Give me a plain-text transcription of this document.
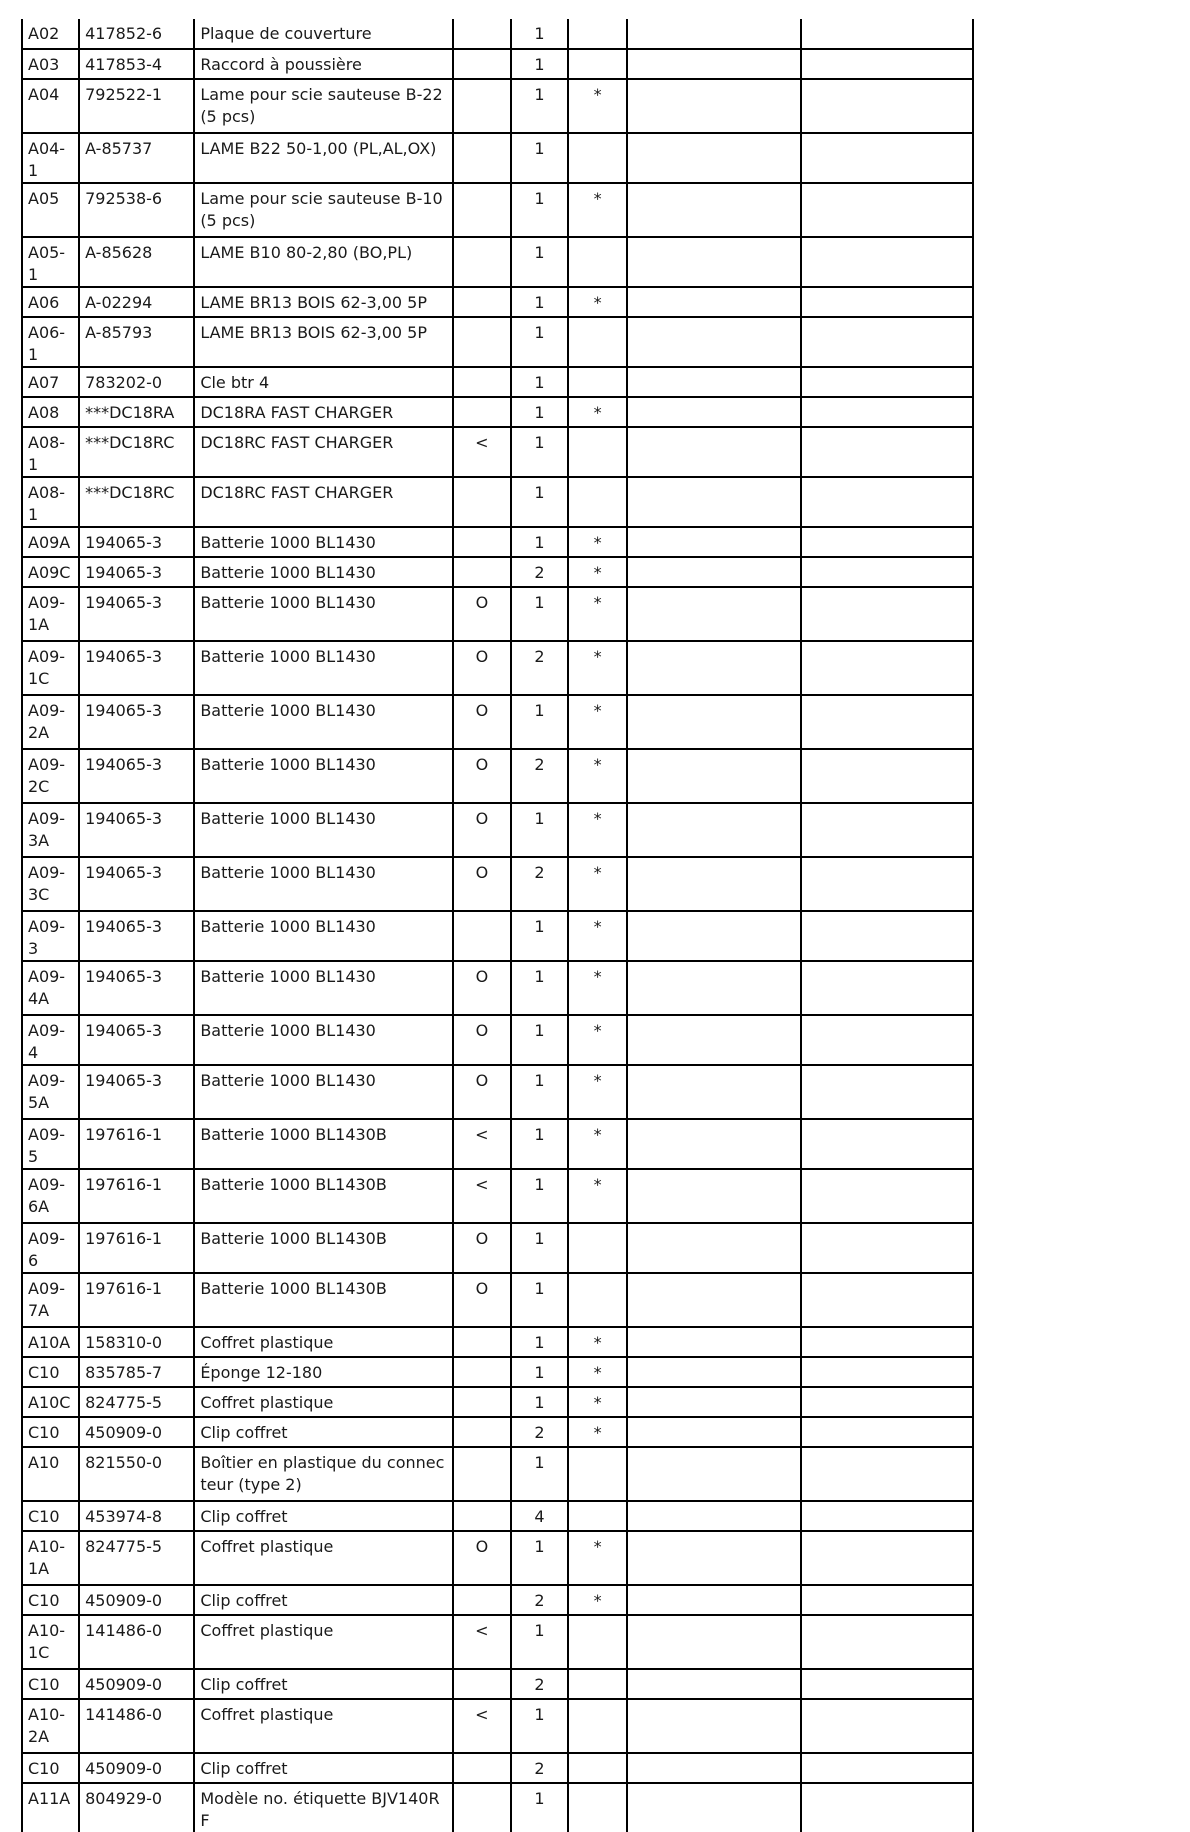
A02	417852-6	Plaque de couverture		1			
A03	417853-4	Raccord à poussière		1			
A04	792522-1	Lame pour scie sauteuse B-22 (5 pcs)		1	*		
A04-1	A-85737	LAME B22 50-1,00 (PL,AL,OX)		1			
A05	792538-6	Lame pour scie sauteuse B-10 (5 pcs)		1	*		
A05-1	A-85628	LAME B10 80-2,80 (BO,PL)		1			
A06	A-02294	LAME BR13 BOIS 62-3,00 5P		1	*		
A06-1	A-85793	LAME BR13 BOIS 62-3,00 5P		1			
A07	783202-0	Cle btr 4		1			
A08	***DC18RA	DC18RA FAST CHARGER		1	*		
A08-1	***DC18RC	DC18RC FAST CHARGER	<	1			
A08-1	***DC18RC	DC18RC FAST CHARGER		1			
A09A	194065-3	Batterie 1000 BL1430		1	*		
A09C	194065-3	Batterie 1000 BL1430		2	*		
A09-1A	194065-3	Batterie 1000 BL1430	O	1	*		
A09-1C	194065-3	Batterie 1000 BL1430	O	2	*		
A09-2A	194065-3	Batterie 1000 BL1430	O	1	*		
A09-2C	194065-3	Batterie 1000 BL1430	O	2	*		
A09-3A	194065-3	Batterie 1000 BL1430	O	1	*		
A09-3C	194065-3	Batterie 1000 BL1430	O	2	*		
A09-3	194065-3	Batterie 1000 BL1430		1	*		
A09-4A	194065-3	Batterie 1000 BL1430	O	1	*		
A09-4	194065-3	Batterie 1000 BL1430	O	1	*		
A09-5A	194065-3	Batterie 1000 BL1430	O	1	*		
A09-5	197616-1	Batterie 1000 BL1430B	<	1	*		
A09-6A	197616-1	Batterie 1000 BL1430B	<	1	*		
A09-6	197616-1	Batterie 1000 BL1430B	O	1			
A09-7A	197616-1	Batterie 1000 BL1430B	O	1			
A10A	158310-0	Coffret plastique		1	*		
C10	835785-7	Éponge 12-180		1	*		
A10C	824775-5	Coffret plastique		1	*		
C10	450909-0	Clip coffret		2	*		
A10	821550-0	Boîtier en plastique du connecteur (type 2)		1			
C10	453974-8	Clip coffret		4			
A10-1A	824775-5	Coffret plastique	O	1	*		
C10	450909-0	Clip coffret		2	*		
A10-1C	141486-0	Coffret plastique	<	1			
C10	450909-0	Clip coffret		2			
A10-2A	141486-0	Coffret plastique	<	1			
C10	450909-0	Clip coffret		2			
A11A	804929-0	Modèle no. étiquette BJV140RF		1			
